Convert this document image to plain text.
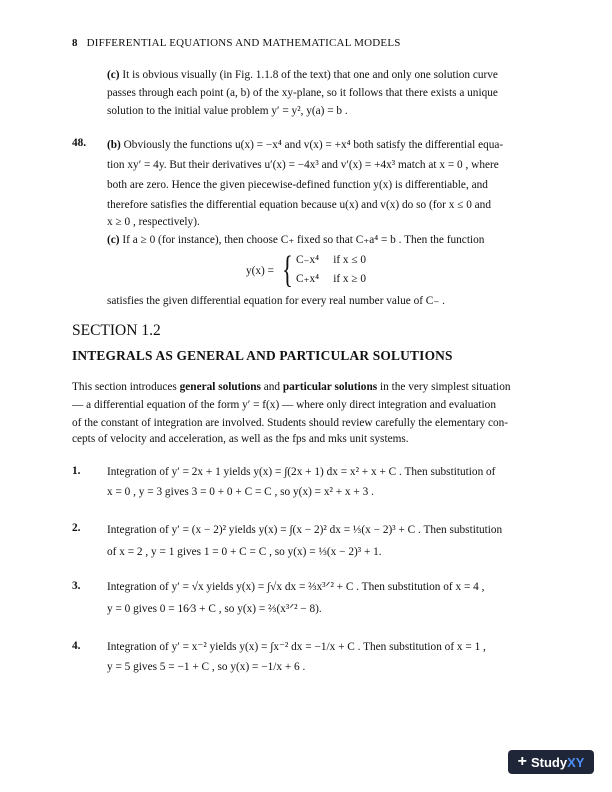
8 DIFFERENTIAL EQUATIONS AND MATHEMATICAL MODELS
(c) It is obvious visually (in Fig. 1.1.8 of the text) that one and only one solution curve
passes through each point (a, b) of the xy-plane, so it follows that there exists a unique
solution to the initial value problem y′ = y², y(a) = b .
48. (b) Obviously the functions u(x) = −x⁴ and v(x) = +x⁴ both satisfy the differential equa-
tion xy′ = 4y. But their derivatives u′(x) = −4x³ and v′(x) = +4x³ match at x = 0 , where
both are zero. Hence the given piecewise-defined function y(x) is differentiable, and
therefore satisfies the differential equation because u(x) and v(x) do so (for x ≤ 0 and
x ≥ 0 , respectively).
(c) If a ≥ 0 (for instance), then choose C₊ fixed so that C₊a⁴ = b . Then the function
y(x) = { C₋x⁴     if x ≤ 0
C₊x⁴     if x ≥ 0
satisfies the given differential equation for every real number value of C₋ .
SECTION 1.2
INTEGRALS AS GENERAL AND PARTICULAR SOLUTIONS
This section introduces general solutions and particular solutions in the very simplest situation
— a differential equation of the form y′ = f(x) — where only direct integration and evaluation
of the constant of integration are involved. Students should review carefully the elementary con-
cepts of velocity and acceleration, as well as the fps and mks unit systems.
1. Integration of y′ = 2x + 1 yields y(x) = ∫(2x + 1) dx = x² + x + C . Then substitution of
x = 0 , y = 3 gives 3 = 0 + 0 + C = C , so y(x) = x² + x + 3 .
2. Integration of y′ = (x − 2)² yields y(x) = ∫(x − 2)² dx = ⅓(x − 2)³ + C . Then substitution
of x = 2 , y = 1 gives 1 = 0 + C = C , so y(x) = ⅓(x − 2)³ + 1.
3. Integration of y′ = √x yields y(x) = ∫√x dx = ⅔x³ᐟ² + C . Then substitution of x = 4 ,
y = 0 gives 0 = 16⁄3 + C , so y(x) = ⅔(x³ᐟ² − 8).
4. Integration of y′ = x⁻² yields y(x) = ∫x⁻² dx = −1/x + C . Then substitution of x = 1 ,
y = 5 gives 5 = −1 + C , so y(x) = −1/x + 6 .
+ Study XY
